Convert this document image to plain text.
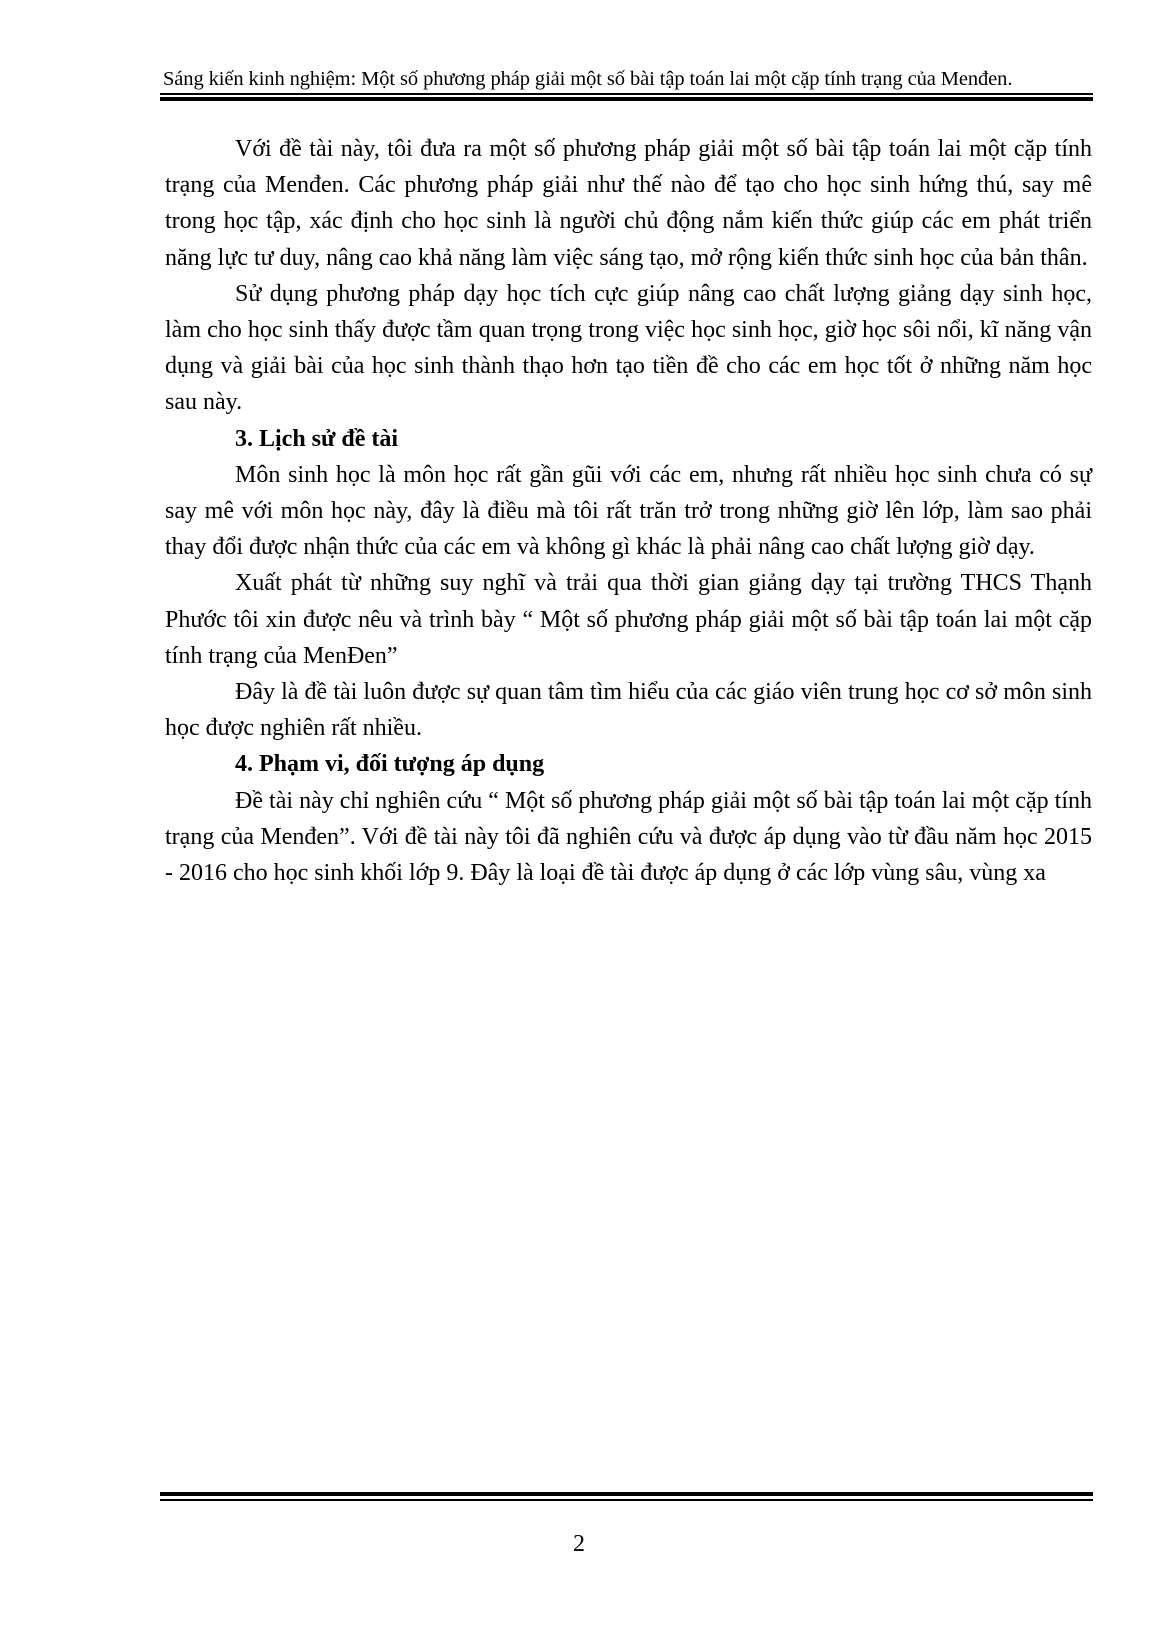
Sáng kiến kinh nghiệm: Một số phương pháp giải một số bài tập toán lai một cặp tính trạng của Menđen.

Với đề tài này, tôi đưa ra một số phương pháp giải một số bài tập toán lai một cặp tính trạng của Menđen. Các phương pháp giải như thế nào để tạo cho học sinh hứng thú, say mê trong học tập, xác định cho học sinh là người chủ động nắm kiến thức giúp các em phát triển năng lực tư duy, nâng cao khả năng làm việc sáng tạo, mở rộng kiến thức sinh học của bản thân.

Sử dụng phương pháp dạy học tích cực giúp nâng cao chất lượng giảng dạy sinh học, làm cho học sinh thấy được tầm quan trọng trong việc học sinh học, giờ học sôi nổi, kĩ năng vận dụng và giải bài của học sinh thành thạo hơn tạo tiền đề cho các em học tốt ở những năm học sau này.

3. Lịch sử đề tài

Môn sinh học là môn học rất gần gũi với các em, nhưng rất nhiều học sinh chưa có sự say mê với môn học này, đây là điều mà tôi rất trăn trở trong những giờ lên lớp, làm sao phải thay đổi được nhận thức của các em và không gì khác là phải nâng cao chất lượng giờ dạy.

Xuất phát từ những suy nghĩ và trải qua thời gian giảng dạy tại trường THCS Thạnh Phước tôi xin được nêu và trình bày “ Một số phương pháp giải một số bài tập toán lai một cặp tính trạng của MenĐen”

Đây là đề tài luôn được sự quan tâm tìm hiểu của các giáo viên trung học cơ sở môn sinh học được nghiên rất nhiều.

4. Phạm vi, đối tượng áp dụng

Đề tài này chỉ nghiên cứu “ Một số phương pháp giải một số bài tập toán lai một cặp tính trạng của Menđen”. Với đề tài này tôi đã nghiên cứu và được áp dụng vào từ đầu năm học 2015 - 2016 cho học sinh khối lớp 9. Đây là loại đề tài được áp dụng ở các lớp vùng sâu, vùng xa

2
